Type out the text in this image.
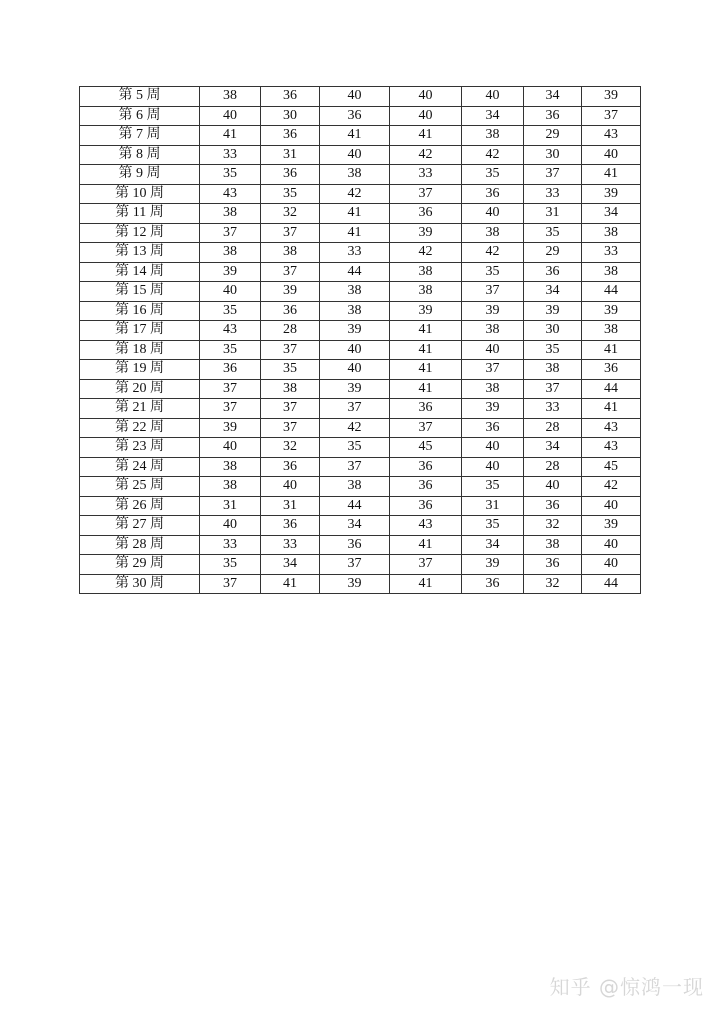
第 5 周	38	36	40	40	40	34	39
第 6 周	40	30	36	40	34	36	37
第 7 周	41	36	41	41	38	29	43
第 8 周	33	31	40	42	42	30	40
第 9 周	35	36	38	33	35	37	41
第 10 周	43	35	42	37	36	33	39
第 11 周	38	32	41	36	40	31	34
第 12 周	37	37	41	39	38	35	38
第 13 周	38	38	33	42	42	29	33
第 14 周	39	37	44	38	35	36	38
第 15 周	40	39	38	38	37	34	44
第 16 周	35	36	38	39	39	39	39
第 17 周	43	28	39	41	38	30	38
第 18 周	35	37	40	41	40	35	41
第 19 周	36	35	40	41	37	38	36
第 20 周	37	38	39	41	38	37	44
第 21 周	37	37	37	36	39	33	41
第 22 周	39	37	42	37	36	28	43
第 23 周	40	32	35	45	40	34	43
第 24 周	38	36	37	36	40	28	45
第 25 周	38	40	38	36	35	40	42
第 26 周	31	31	44	36	31	36	40
第 27 周	40	36	34	43	35	32	39
第 28 周	33	33	36	41	34	38	40
第 29 周	35	34	37	37	39	36	40
第 30 周	37	41	39	41	36	32	44
知乎 @惊鸿一现
